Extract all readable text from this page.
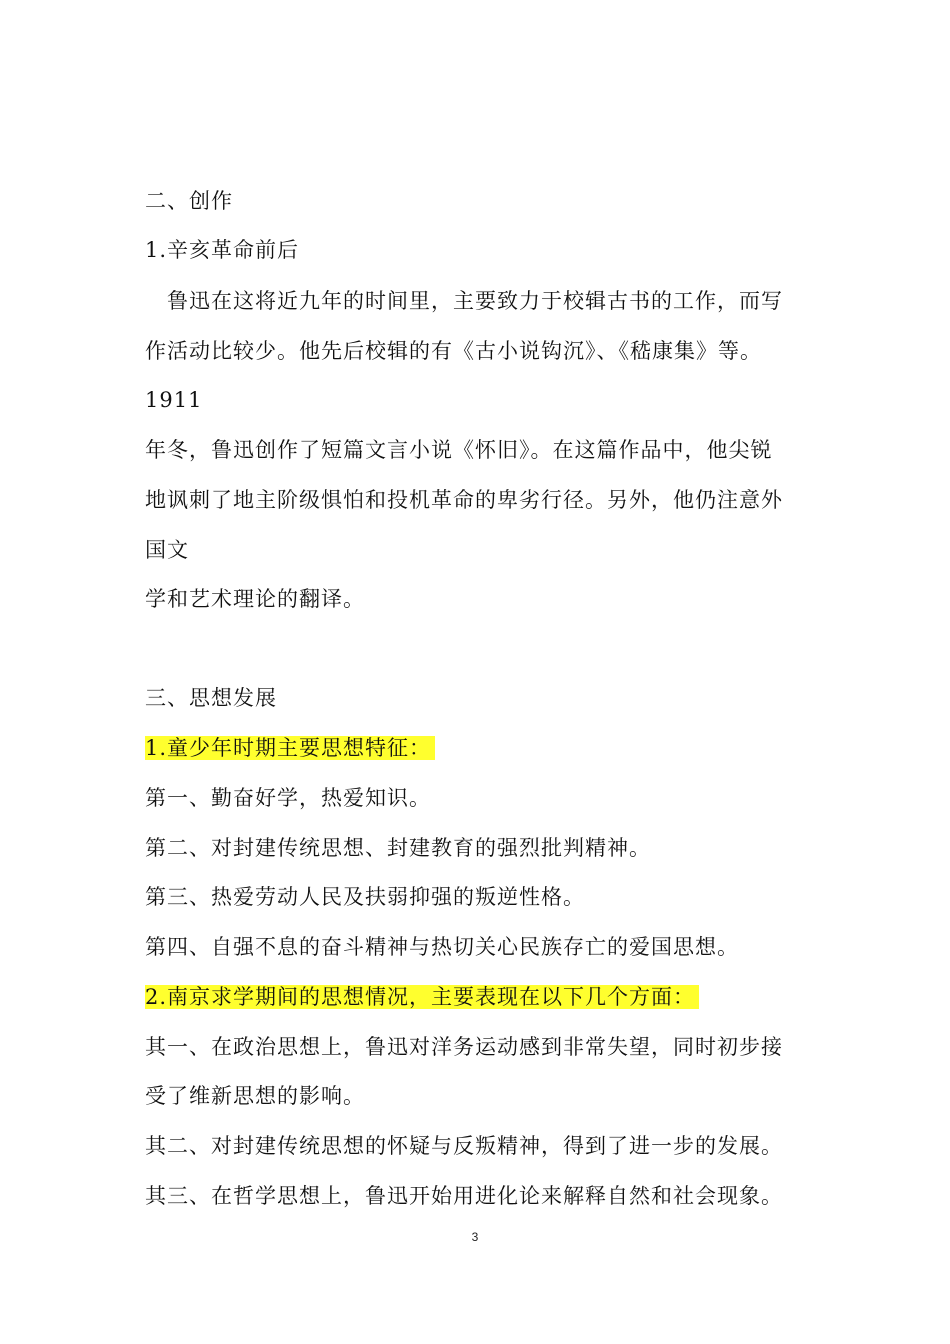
二、创作
1.辛亥革命前后
鲁迅在这将近九年的时间里，主要致力于校辑古书的工作，而写
作活动比较少。他先后校辑的有《古小说钩沉》、《嵇康集》等。
1911
年冬，鲁迅创作了短篇文言小说《怀旧》。在这篇作品中，他尖锐
地讽刺了地主阶级惧怕和投机革命的卑劣行径。另外，他仍注意外
国文
学和艺术理论的翻译。
三、思想发展
1.童少年时期主要思想特征：
第一、勤奋好学，热爱知识。
第二、对封建传统思想、封建教育的强烈批判精神。
第三、热爱劳动人民及扶弱抑强的叛逆性格。
第四、自强不息的奋斗精神与热切关心民族存亡的爱国思想。
2.南京求学期间的思想情况，主要表现在以下几个方面：
其一、在政治思想上，鲁迅对洋务运动感到非常失望，同时初步接
受了维新思想的影响。
其二、对封建传统思想的怀疑与反叛精神，得到了进一步的发展。
其三、在哲学思想上，鲁迅开始用进化论来解释自然和社会现象。
3
